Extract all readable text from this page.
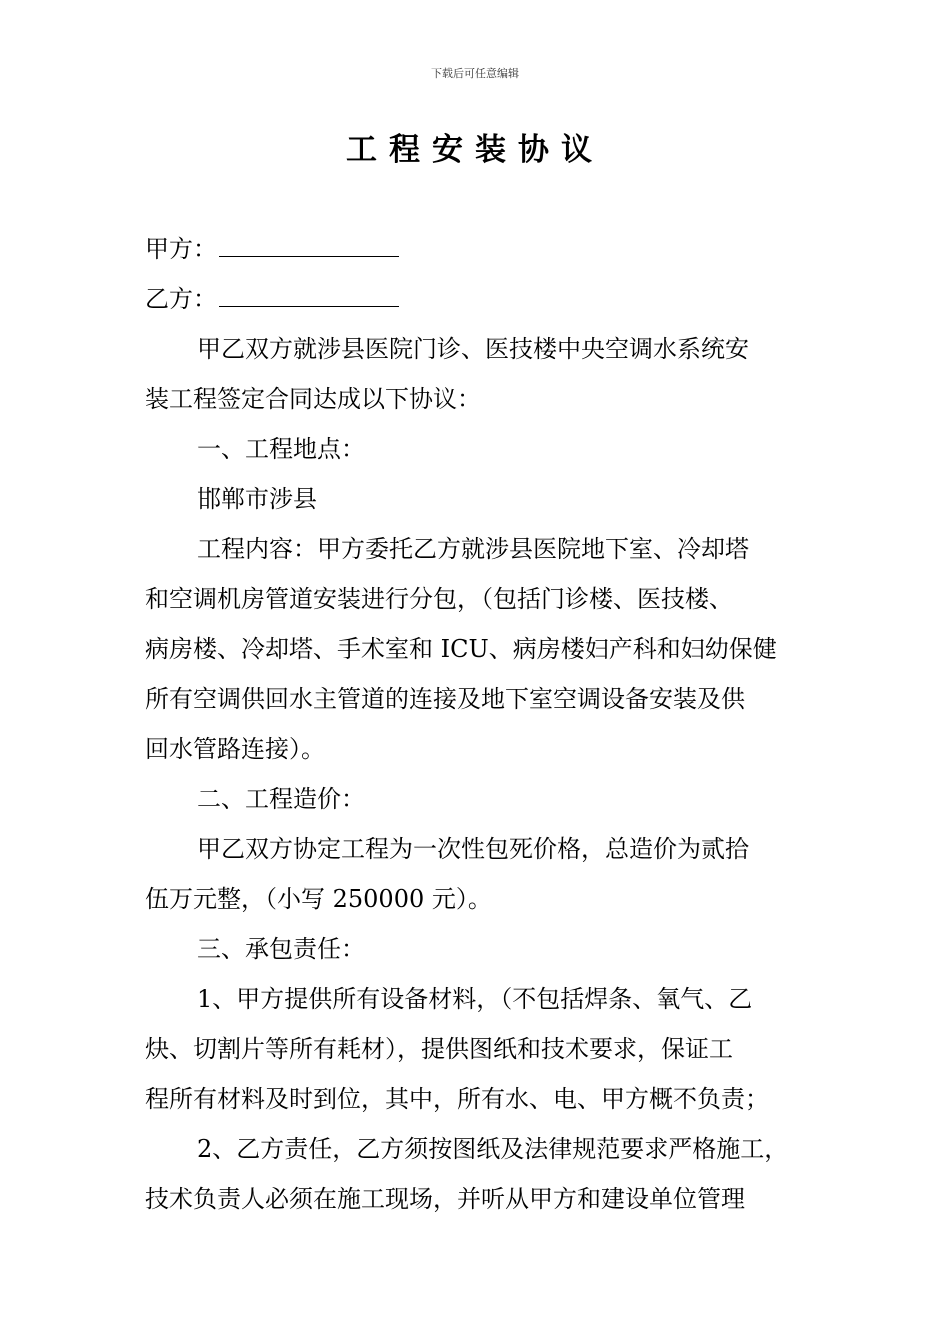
下载后可任意编辑
工程安装协议

甲方：

乙方：

甲乙双方就涉县医院门诊、医技楼中央空调水系统安

装工程签定合同达成以下协议：

一、工程地点：

邯郸市涉县

工程内容：甲方委托乙方就涉县医院地下室、冷却塔

和空调机房管道安装进行分包，（包括门诊楼、医技楼、

病房楼、冷却塔、手术室和 ICU、病房楼妇产科和妇幼保健

所有空调供回水主管道的连接及地下室空调设备安装及供

回水管路连接）。

二、工程造价：

甲乙双方协定工程为一次性包死价格，总造价为贰拾

伍万元整，（小写 250000 元）。

三、承包责任：

1、甲方提供所有设备材料，（不包括焊条、氧气、乙

炔、切割片等所有耗材），提供图纸和技术要求，保证工

程所有材料及时到位，其中，所有水、电、甲方概不负责；

2、乙方责任，乙方须按图纸及法律规范要求严格施工，

技术负责人必须在施工现场，并听从甲方和建设单位管理
